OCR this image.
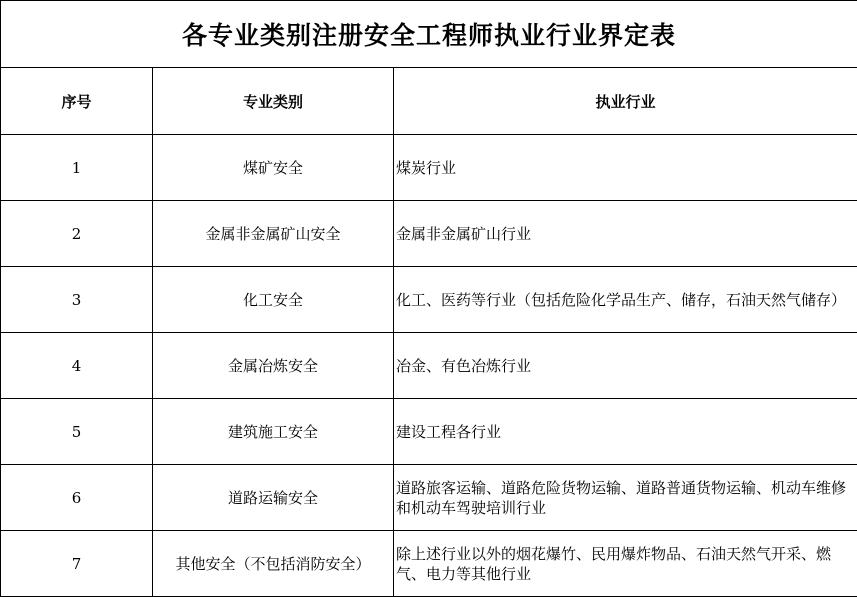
各专业类别注册安全工程师执业行业界定表		
序号	专业类别	执业行业
1	煤矿安全	煤炭行业
2	金属非金属矿山安全	金属非金属矿山行业
3	化工安全	化工、医药等行业（包括危险化学品生产、储存，石油天然气储存）
4	金属冶炼安全	冶金、有色冶炼行业
5	建筑施工安全	建设工程各行业
6	道路运输安全	道路旅客运输、道路危险货物运输、道路普通货物运输、机动车维修和机动车驾驶培训行业
7	其他安全（不包括消防安全）	除上述行业以外的烟花爆竹、民用爆炸物品、石油天然气开采、燃气、电力等其他行业
